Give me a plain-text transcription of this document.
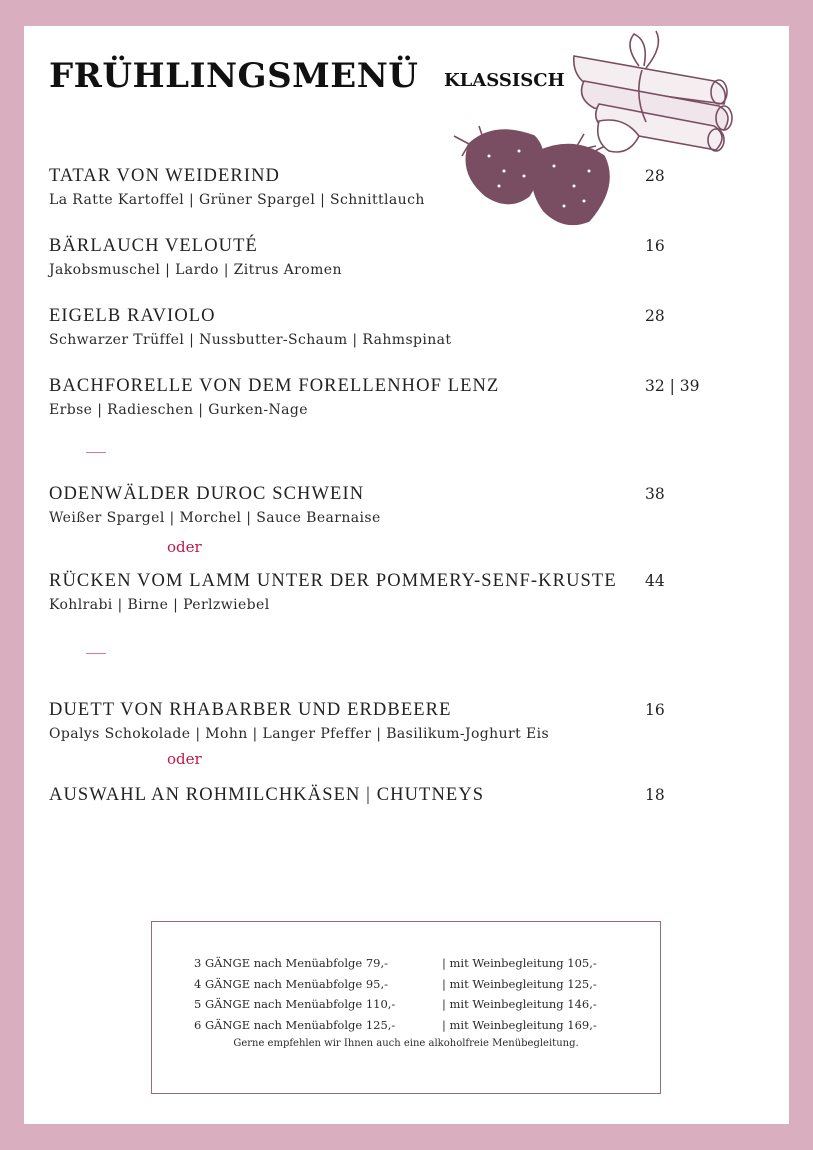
FRÜHLINGSMENÜ KLASSISCH
TATAR VON WEIDERIND
La Ratte Kartoffel | Grüner Spargel | Schnittlauch
28
BÄRLAUCH VELOUTÉ
Jakobsmuschel | Lardo | Zitrus Aromen
16
EIGELB RAVIOLO
Schwarzer Trüffel | Nussbutter-Schaum | Rahmspinat
28
BACHFORELLE VON DEM FORELLENHOF LENZ
Erbse | Radieschen | Gurken-Nage
32 | 39
ODENWÄLDER DUROC SCHWEIN
Weißer Spargel | Morchel | Sauce Bearnaise
38
oder
RÜCKEN VOM LAMM UNTER DER POMMERY-SENF-KRUSTE
Kohlrabi | Birne | Perlzwiebel
44
DUETT VON RHABARBER UND ERDBEERE
Opalys Schokolade | Mohn | Langer Pfeffer | Basilikum-Joghurt Eis
16
oder
AUSWAHL AN ROHMILCHKÄSEN | CHUTNEYS	18
3 GÄNGE nach Menüabfolge 79,-	| mit Weinbegleitung 105,-
4 GÄNGE nach Menüabfolge 95,-	| mit Weinbegleitung 125,-
5 GÄNGE nach Menüabfolge 110,-	| mit Weinbegleitung 146,-
6 GÄNGE nach Menüabfolge 125,-	| mit Weinbegleitung 169,-
Gerne empfehlen wir Ihnen auch eine alkoholfreie Menübegleitung.
